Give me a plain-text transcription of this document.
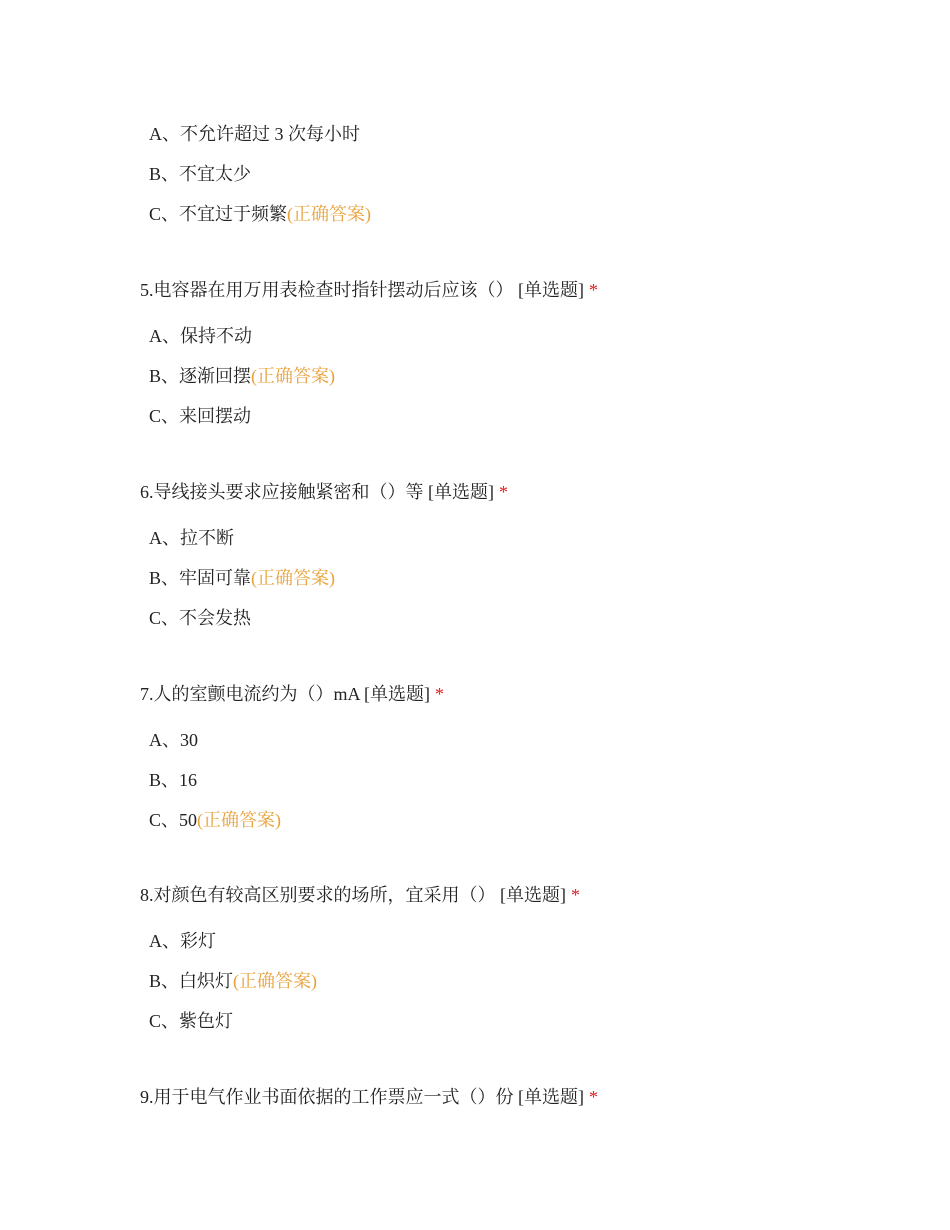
A、不允许超过 3 次每小时
B、不宜太少
C、不宜过于频繁(正确答案)
5.电容器在用万用表检查时指针摆动后应该（） [单选题] *
A、保持不动
B、逐渐回摆(正确答案)
C、来回摆动
6.导线接头要求应接触紧密和（）等 [单选题] *
A、拉不断
B、牢固可靠(正确答案)
C、不会发热
7.人的室颤电流约为（）mA [单选题] *
A、30
B、16
C、50(正确答案)
8.对颜色有较高区别要求的场所，宜采用（） [单选题] *
A、彩灯
B、白炽灯(正确答案)
C、紫色灯
9.用于电气作业书面依据的工作票应一式（）份 [单选题] *
